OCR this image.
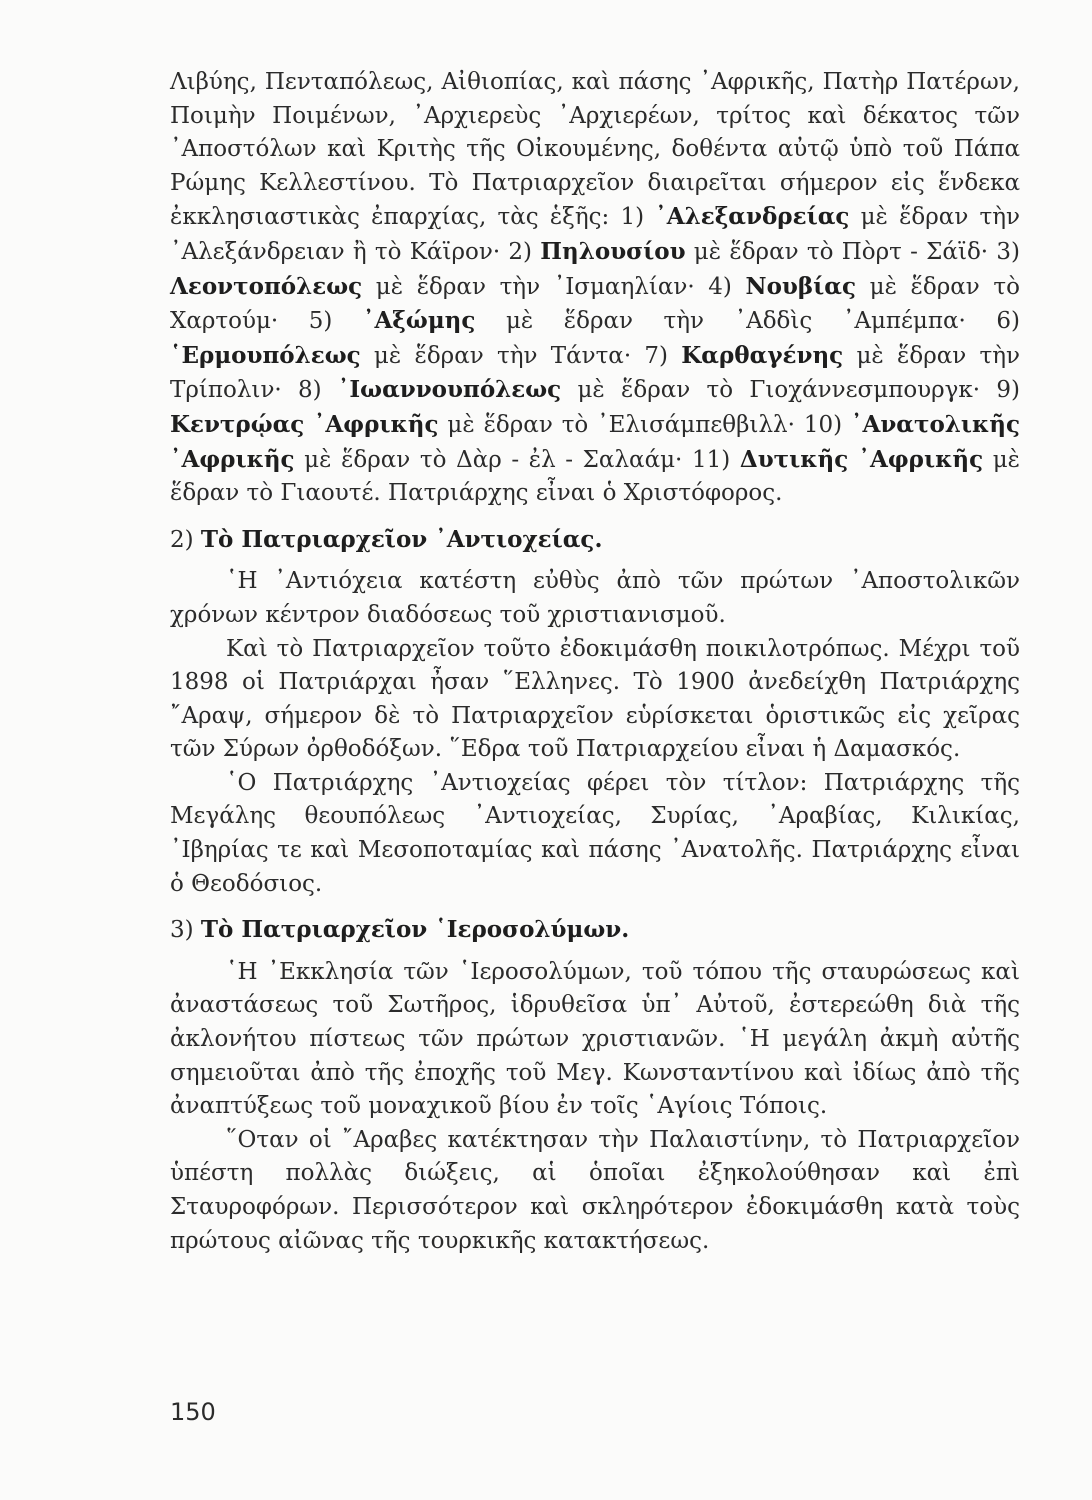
Λιβύης, Πενταπόλεως, Αἰθιοπίας, καὶ πάσης ᾿Αφρικῆς, Πατὴρ Πατέρων, Ποιμὴν Ποιμένων, ᾿Αρχιερεὺς ᾿Αρχιερέων, τρίτος καὶ δέκατος τῶν ᾿Αποστόλων καὶ Κριτὴς τῆς Οἰκουμένης, δοθέντα αὐτῷ ὑπὸ τοῦ Πάπα Ρώμης Κελλεστίνου. Τὸ Πατριαρχεῖον διαιρεῖται σήμερον εἰς ἕνδεκα ἐκκλησιαστικὰς ἐπαρχίας, τὰς ἑξῆς: 1) ᾿Αλεξανδρείας μὲ ἕδραν τὴν ᾿Αλεξάνδρειαν ἢ τὸ Κάϊρον· 2) Πηλουσίου μὲ ἕδραν τὸ Πὸρτ - Σάϊδ· 3) Λεοντοπόλεως μὲ ἕδραν τὴν ᾿Ισμαηλίαν· 4) Νουβίας μὲ ἕδραν τὸ Χαρτούμ· 5) ᾿Αξώμης μὲ ἕδραν τὴν ᾿Αδδὶς ᾿Αμπέμπα· 6) ῾Ερμουπόλεως μὲ ἕδραν τὴν Τάντα· 7) Καρθαγένης μὲ ἕδραν τὴν Τρίπολιν· 8) ᾿Ιωαννουπόλεως μὲ ἕδραν τὸ Γιοχάννεσμπουργκ· 9) Κεντρῴας ᾿Αφρικῆς μὲ ἕδραν τὸ ᾿Ελισάμπεθβιλλ· 10) ᾿Ανατολικῆς ᾿Αφρικῆς μὲ ἕδραν τὸ Δὰρ - ἐλ - Σαλαάμ· 11) Δυτικῆς ᾿Αφρικῆς μὲ ἕδραν τὸ Γιαουτέ. Πατριάρχης εἶναι ὁ Χριστόφορος.

2) Τὸ Πατριαρχεῖον ᾿Αντιοχείας.

῾Η ᾿Αντιόχεια κατέστη εὐθὺς ἀπὸ τῶν πρώτων ᾿Αποστολικῶν χρόνων κέντρον διαδόσεως τοῦ χριστιανισμοῦ.

Καὶ τὸ Πατριαρχεῖον τοῦτο ἐδοκιμάσθη ποικιλοτρόπως. Μέχρι τοῦ 1898 οἱ Πατριάρχαι ἦσαν ῞Ελληνες. Τὸ 1900 ἀνεδείχθη Πατριάρχης ῎Αραψ, σήμερον δὲ τὸ Πατριαρχεῖον εὑρίσκεται ὁριστικῶς εἰς χεῖρας τῶν Σύρων ὀρθοδόξων. ῞Εδρα τοῦ Πατριαρχείου εἶναι ἡ Δαμασκός.

῾Ο Πατριάρχης ᾿Αντιοχείας φέρει τὸν τίτλον: Πατριάρχης τῆς Μεγάλης θεουπόλεως ᾿Αντιοχείας, Συρίας, ᾿Αραβίας, Κιλικίας, ᾿Ιβηρίας τε καὶ Μεσοποταμίας καὶ πάσης ᾿Ανατολῆς. Πατριάρχης εἶναι ὁ Θεοδόσιος.

3) Τὸ Πατριαρχεῖον ῾Ιεροσολύμων.

῾Η ᾿Εκκλησία τῶν ῾Ιεροσολύμων, τοῦ τόπου τῆς σταυρώσεως καὶ ἀναστάσεως τοῦ Σωτῆρος, ἱδρυθεῖσα ὑπ᾿ Αὐτοῦ, ἐστερεώθη διὰ τῆς ἀκλονήτου πίστεως τῶν πρώτων χριστιανῶν. ῾Η μεγάλη ἀκμὴ αὐτῆς σημειοῦται ἀπὸ τῆς ἐποχῆς τοῦ Μεγ. Κωνσταντίνου καὶ ἰδίως ἀπὸ τῆς ἀναπτύξεως τοῦ μοναχικοῦ βίου ἐν τοῖς ῾Αγίοις Τόποις.

῞Οταν οἱ ῎Αραβες κατέκτησαν τὴν Παλαιστίνην, τὸ Πατριαρχεῖον ὑπέστη πολλὰς διώξεις, αἱ ὁποῖαι ἐξηκολούθησαν καὶ ἐπὶ Σταυροφόρων. Περισσότερον καὶ σκληρότερον ἐδοκιμάσθη κατὰ τοὺς πρώτους αἰῶνας τῆς τουρκικῆς κατακτήσεως.

150
